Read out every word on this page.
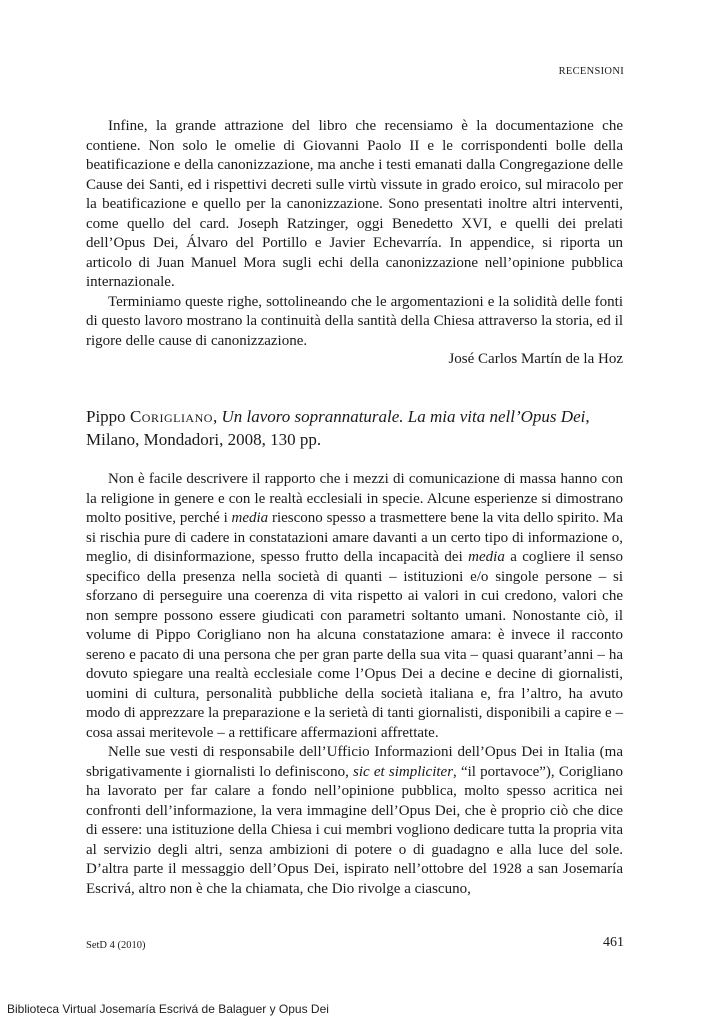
RECENSIONI

Infine, la grande attrazione del libro che recensiamo è la documentazione che contiene. Non solo le omelie di Giovanni Paolo II e le corrispondenti bolle della beatificazione e della canonizzazione, ma anche i testi emanati dalla Congregazione delle Cause dei Santi, ed i rispettivi decreti sulle virtù vissute in grado eroico, sul miracolo per la beatificazione e quello per la canonizzazione. Sono presentati inoltre altri interventi, come quello del card. Joseph Ratzinger, oggi Benedetto XVI, e quelli dei prelati dell’Opus Dei, Álvaro del Portillo e Javier Echevarría. In appendice, si riporta un articolo di Juan Manuel Mora sugli echi della canonizzazione nell’opinione pubblica internazionale.

Terminiamo queste righe, sottolineando che le argomentazioni e la solidità delle fonti di questo lavoro mostrano la continuità della santità della Chiesa attraverso la storia, ed il rigore delle cause di canonizzazione.

José Carlos Martín de la Hoz
Pippo Corigliano, Un lavoro soprannaturale. La mia vita nell’Opus Dei,
Milano, Mondadori, 2008, 130 pp.

Non è facile descrivere il rapporto che i mezzi di comunicazione di massa hanno con la religione in genere e con le realtà ecclesiali in specie. Alcune esperienze si dimostrano molto positive, perché i media riescono spesso a trasmettere bene la vita dello spirito. Ma si rischia pure di cadere in constatazioni amare davanti a un certo tipo di informazione o, meglio, di disinformazione, spesso frutto della incapacità dei media a cogliere il senso specifico della presenza nella società di quanti – istituzioni e/o singole persone – si sforzano di perseguire una coerenza di vita rispetto ai valori in cui credono, valori che non sempre possono essere giudicati con parametri soltanto umani. Nonostante ciò, il volume di Pippo Corigliano non ha alcuna constatazione amara: è invece il racconto sereno e pacato di una persona che per gran parte della sua vita – quasi quarant’anni – ha dovuto spiegare una realtà ecclesiale come l’Opus Dei a decine e decine di giornalisti, uomini di cultura, personalità pubbliche della società italiana e, fra l’altro, ha avuto modo di apprezzare la preparazione e la serietà di tanti giornalisti, disponibili a capire e – cosa assai meritevole – a rettificare affermazioni affrettate.

Nelle sue vesti di responsabile dell’Ufficio Informazioni dell’Opus Dei in Italia (ma sbrigativamente i giornalisti lo definiscono, sic et simpliciter, “il portavoce”), Corigliano ha lavorato per far calare a fondo nell’opinione pubblica, molto spesso acritica nei confronti dell’informazione, la vera immagine dell’Opus Dei, che è proprio ciò che dice di essere: una istituzione della Chiesa i cui membri vogliono dedicare tutta la propria vita al servizio degli altri, senza ambizioni di potere o di guadagno e alla luce del sole. D’altra parte il messaggio dell’Opus Dei, ispirato nell’ottobre del 1928 a san Josemaría Escrivá, altro non è che la chiamata, che Dio rivolge a ciascuno,

SetD 4 (2010)	461
Biblioteca Virtual Josemaría Escrivá de Balaguer y Opus Dei
